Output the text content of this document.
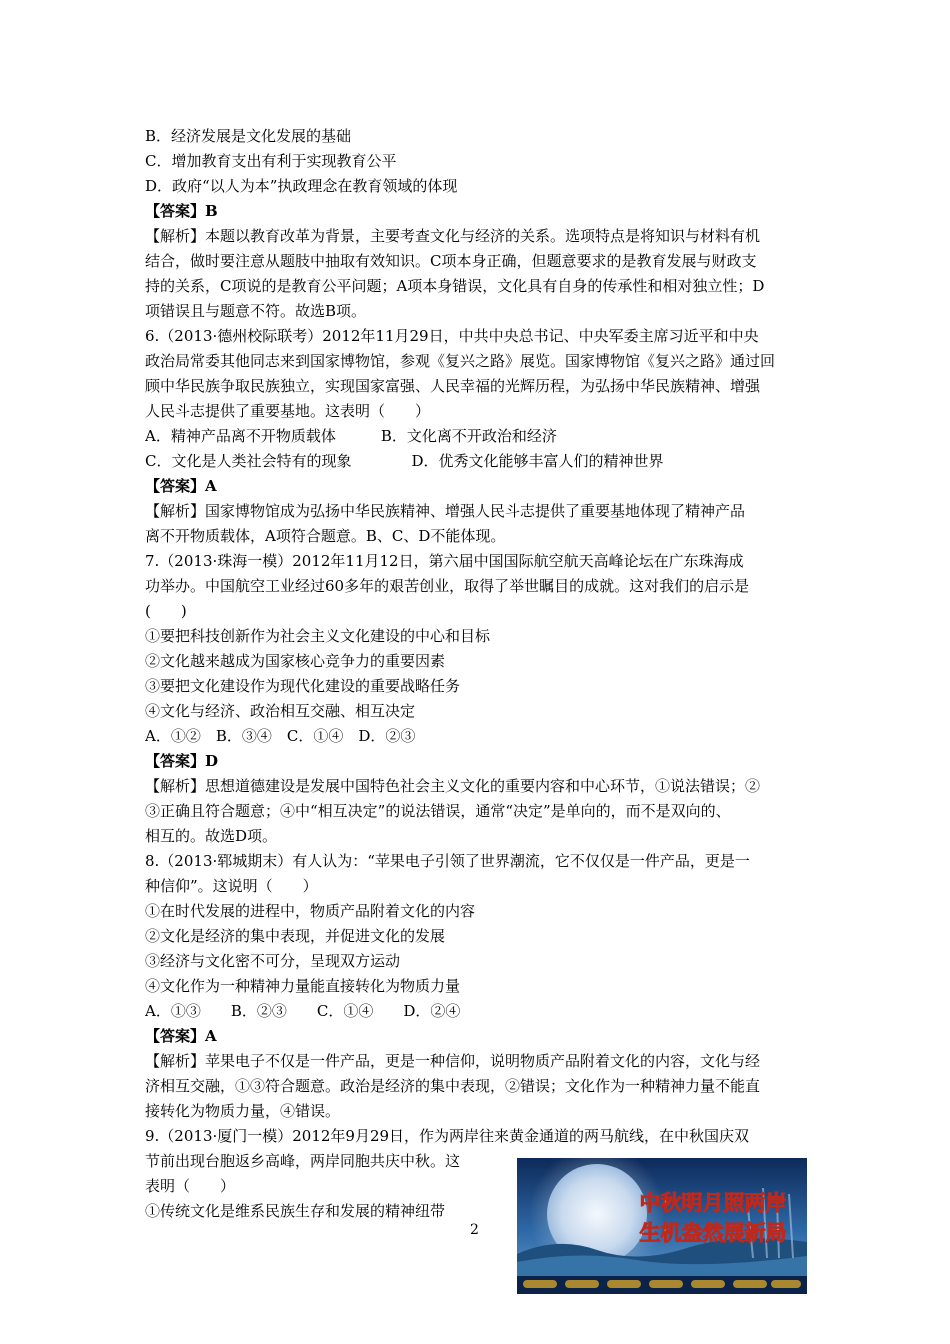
B．经济发展是文化发展的基础
C．增加教育支出有利于实现教育公平
D．政府“以人为本”执政理念在教育领域的体现
【答案】B
【解析】本题以教育改革为背景，主要考查文化与经济的关系。选项特点是将知识与材料有机
结合，做时要注意从题肢中抽取有效知识。C项本身正确，但题意要求的是教育发展与财政支
持的关系，C项说的是教育公平问题；A项本身错误，文化具有自身的传承性和相对独立性；D
项错误且与题意不符。故选B项。
6.（2013·德州校际联考）2012年11月29日，中共中央总书记、中央军委主席习近平和中央
政治局常委其他同志来到国家博物馆，参观《复兴之路》展览。国家博物馆《复兴之路》通过回
顾中华民族争取民族独立，实现国家富强、人民幸福的光辉历程，为弘扬中华民族精神、增强
人民斗志提供了重要基地。这表明（　　）
A．精神产品离不开物质载体　　　B．文化离不开政治和经济
C．文化是人类社会特有的现象　　　　D．优秀文化能够丰富人们的精神世界
【答案】A
【解析】国家博物馆成为弘扬中华民族精神、增强人民斗志提供了重要基地体现了精神产品
离不开物质载体，A项符合题意。B、C、D不能体现。
7.（2013·珠海一模）2012年11月12日，第六届中国国际航空航天高峰论坛在广东珠海成
功举办。中国航空工业经过60多年的艰苦创业，取得了举世瞩目的成就。这对我们的启示是
(　　)
①要把科技创新作为社会主义文化建设的中心和目标
②文化越来越成为国家核心竞争力的重要因素
③要把文化建设作为现代化建设的重要战略任务
④文化与经济、政治相互交融、相互决定
A．①②　B．③④　C．①④　D．②③
【答案】D
【解析】思想道德建设是发展中国特色社会主义文化的重要内容和中心环节，①说法错误；②
③正确且符合题意；④中“相互决定”的说法错误，通常“决定”是单向的，而不是双向的、
相互的。故选D项。
8.（2013·郓城期末）有人认为：“苹果电子引领了世界潮流，它不仅仅是一件产品，更是一
种信仰”。这说明（　　）
①在时代发展的进程中，物质产品附着文化的内容
②文化是经济的集中表现，并促进文化的发展
③经济与文化密不可分，呈现双方运动
④文化作为一种精神力量能直接转化为物质力量
A．①③　　B．②③　　C．①④　　D．②④
【答案】A
【解析】苹果电子不仅是一件产品，更是一种信仰，说明物质产品附着文化的内容，文化与经
济相互交融，①③符合题意。政治是经济的集中表现，②错误；文化作为一种精神力量不能直
接转化为物质力量，④错误。
9.（2013·厦门一模）2012年9月29日，作为两岸往来黄金通道的两马航线，在中秋国庆双
节前出现台胞返乡高峰，两岸同胞共庆中秋。这
表明（　　）
①传统文化是维系民族生存和发展的精神纽带
2
中秋明月照两岸
生机盎然展新局
